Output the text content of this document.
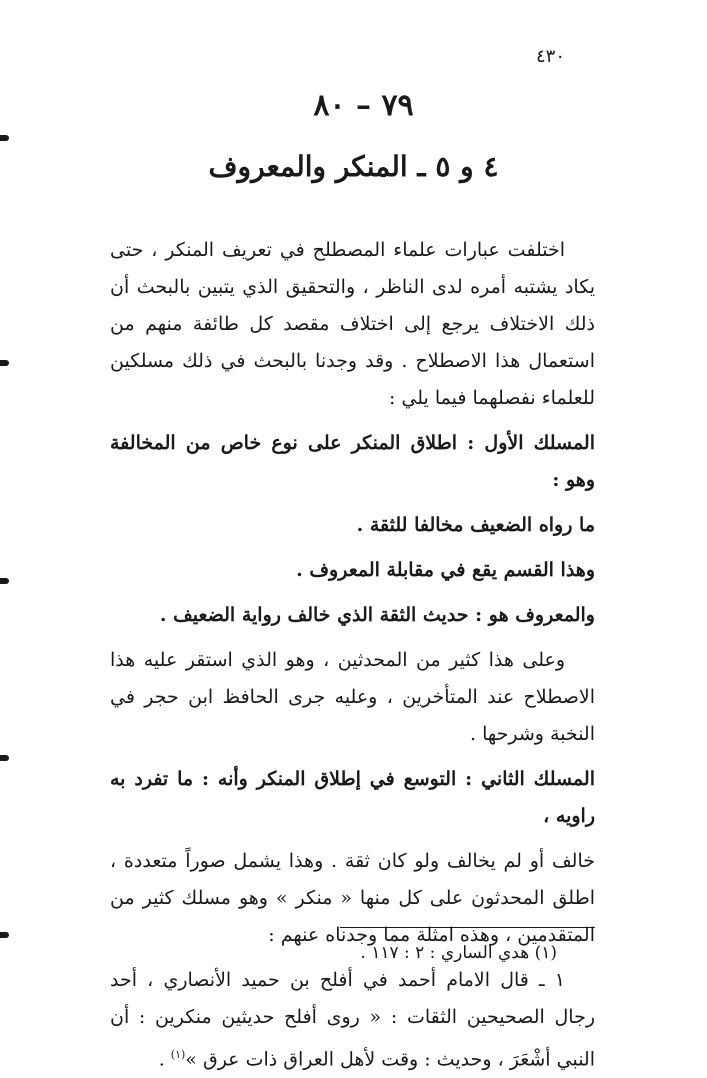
٤٣٠
٧٩ – ٨٠
٤ و ٥ ـ المنكر والمعروف

اختلفت عبارات علماء المصطلح في تعريف المنكر ، حتى يكاد يشتبه أمره لدى الناظر ، والتحقيق الذي يتبين بالبحث أن ذلك الاختلاف يرجع إلى اختلاف مقصد كل طائفة منهم من استعمال هذا الاصطلاح . وقد وجدنا بالبحث في ذلك مسلكين للعلماء نفصلهما فيما يلي :

المسلك الأول : اطلاق المنكر على نوع خاص من المخالفة وهو :

ما رواه الضعيف مخالفا للثقة .

وهذا القسم يقع في مقابلة المعروف .

والمعروف هو : حديث الثقة الذي خالف رواية الضعيف .

وعلى هذا كثير من المحدثين ، وهو الذي استقر عليه هذا الاصطلاح عند المتأخرين ، وعليه جرى الحافظ ابن حجر في النخبة وشرحها .

المسلك الثاني : التوسع في إطلاق المنكر وأنه : ما تفرد به راويه ،

خالف أو لم يخالف ولو كان ثقة . وهذا يشمل صوراً متعددة ، اطلق المحدثون على كل منها « منكر » وهو مسلك كثير من المتقدمين ، وهذه امثلة مما وجدناه عنهم :

١ ـ قال الامام أحمد في أفلح بن حميد الأنصاري ، أحد رجال الصحيحين الثقات : « روى أفلح حديثين منكرين : أن النبي أشْعَرَ ، وحديث : وقت لأهل العراق ذات عرق »$^{(١)}$ .

(١) هدي الساري : ٢ : ١١٧ .
